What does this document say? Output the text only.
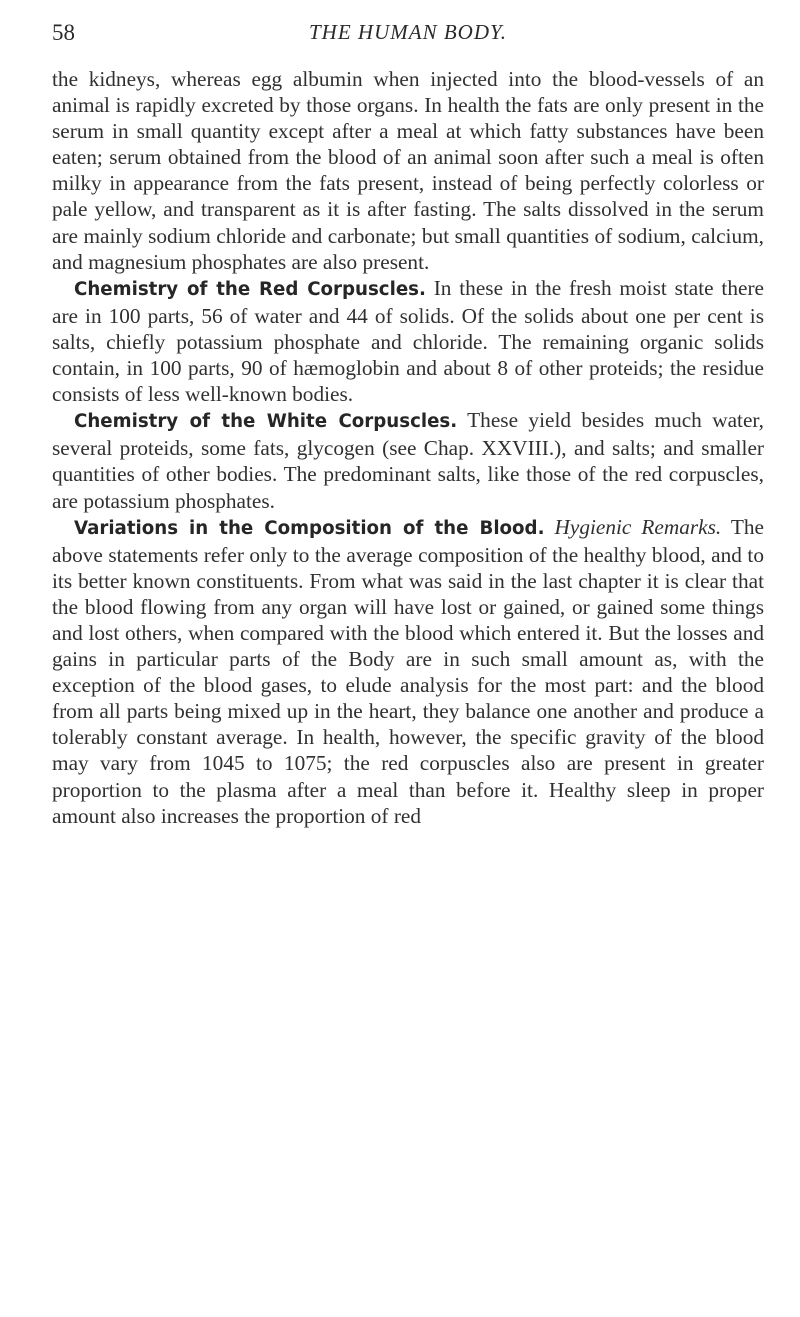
58	THE HUMAN BODY.

the kidneys, whereas egg albumin when injected into the blood-vessels of an animal is rapidly excreted by those organs. In health the fats are only present in the serum in small quantity except after a meal at which fatty substances have been eaten; serum obtained from the blood of an animal soon after such a meal is often milky in appearance from the fats present, instead of being perfectly colorless or pale yellow, and transparent as it is after fasting. The salts dissolved in the serum are mainly sodium chloride and carbonate; but small quantities of sodium, calcium, and magnesium phosphates are also present.

Chemistry of the Red Corpuscles. In these in the fresh moist state there are in 100 parts, 56 of water and 44 of solids. Of the solids about one per cent is salts, chiefly potassium phosphate and chloride. The remaining organic solids contain, in 100 parts, 90 of hæmoglobin and about 8 of other proteids; the residue consists of less well-known bodies.

Chemistry of the White Corpuscles. These yield besides much water, several proteids, some fats, glycogen (see Chap. XXVIII.), and salts; and smaller quantities of other bodies. The predominant salts, like those of the red corpuscles, are potassium phosphates.

Variations in the Composition of the Blood. Hygienic Remarks. The above statements refer only to the average composition of the healthy blood, and to its better known constituents. From what was said in the last chapter it is clear that the blood flowing from any organ will have lost or gained, or gained some things and lost others, when compared with the blood which entered it. But the losses and gains in particular parts of the Body are in such small amount as, with the exception of the blood gases, to elude analysis for the most part: and the blood from all parts being mixed up in the heart, they balance one another and produce a tolerably constant average. In health, however, the specific gravity of the blood may vary from 1045 to 1075; the red corpuscles also are present in greater proportion to the plasma after a meal than before it. Healthy sleep in proper amount also increases the proportion of red
